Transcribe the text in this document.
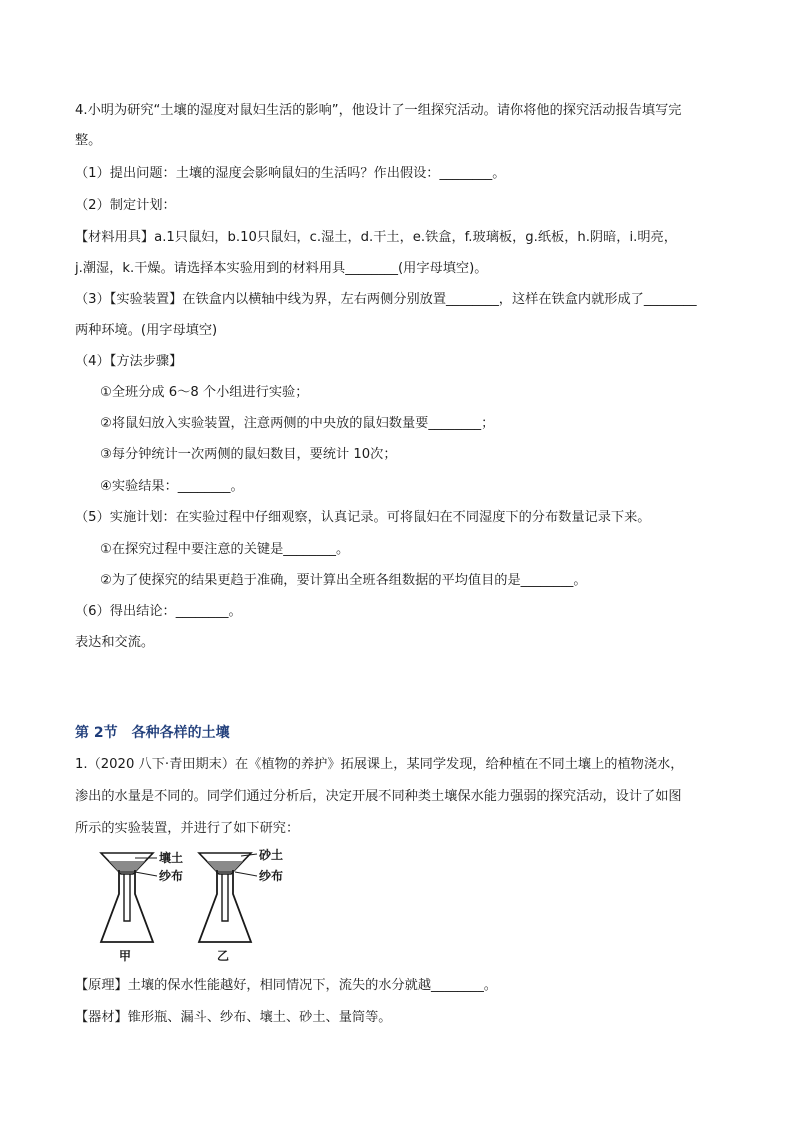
4.小明为研究“土壤的湿度对鼠妇生活的影响”，他设计了一组探究活动。请你将他的探究活动报告填写完
整。
（1）提出问题：土壤的湿度会影响鼠妇的生活吗？作出假设：________。
（2）制定计划：
【材料用具】a.1只鼠妇，b.10只鼠妇，c.湿土，d.干土，e.铁盒，f.玻璃板，g.纸板，h.阴暗，i.明亮，
j.潮湿，k.干燥。请选择本实验用到的材料用具________(用字母填空)。
（3）【实验装置】在铁盒内以横轴中线为界，左右两侧分别放置________，这样在铁盒内就形成了________
两种环境。(用字母填空)
（4）【方法步骤】
①全班分成 6～8 个小组进行实验；
②将鼠妇放入实验装置，注意两侧的中央放的鼠妇数量要________；
③每分钟统计一次两侧的鼠妇数目，要统计 10次；
④实验结果：________。
（5）实施计划：在实验过程中仔细观察，认真记录。可将鼠妇在不同湿度下的分布数量记录下来。
①在探究过程中要注意的关键是________。
②为了使探究的结果更趋于准确，要计算出全班各组数据的平均值目的是________。
（6）得出结论：________。
表达和交流。
第 2节　各种各样的土壤
1.（2020 八下·青田期末）在《植物的养护》拓展课上，某同学发现，给种植在不同土壤上的植物浇水，
渗出的水量是不同的。同学们通过分析后，决定开展不同种类土壤保水能力强弱的探究活动，设计了如图
所示的实验装置，并进行了如下研究：
壤土
纱布
甲
砂土
纱布
乙
【原理】土壤的保水性能越好，相同情况下，流失的水分就越________。
【器材】锥形瓶、漏斗、纱布、壤土、砂土、量筒等。
